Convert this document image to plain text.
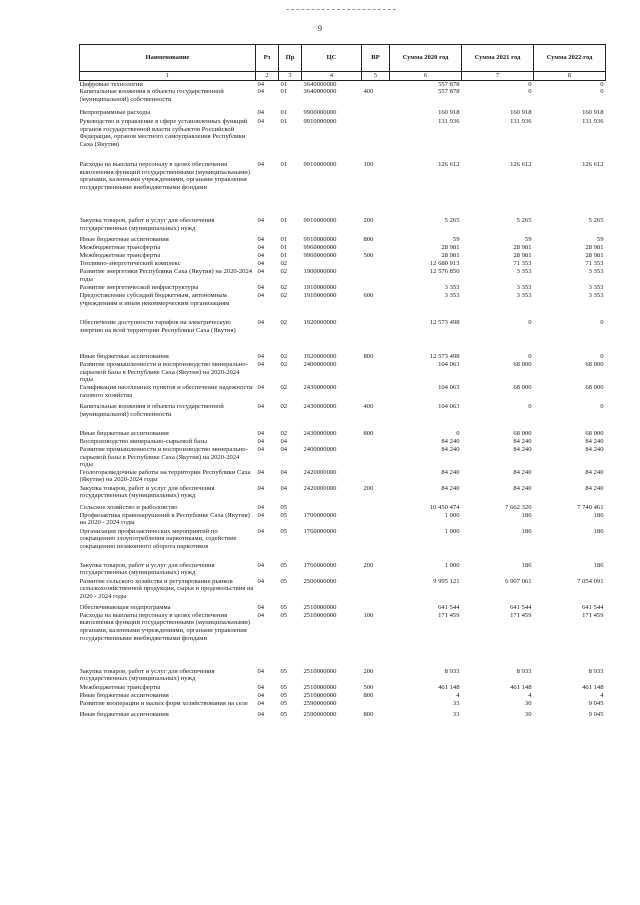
9
Наименование	Рз	Пр	ЦС	ВР	Сумма 2020 год	Сумма 2021 год	Сумма 2022 год
1	2	3	4	5	6	7	8
Цифровые технологии	04	01	3640000000		557 878	0	0
Капитальные вложения в объекты государственной (муниципальной) собственности	04	01	3640000000	400	557 878	0	0
Непрограммные расходы	04	01	9900000000		160 918	160 918	160 918
Руководство и управление в сфере установленных функций органов государственной власти субъектов Российской Федерации, органов местного самоуправления Республики Саха (Якутия)	04	01	9910000000		131 936	131 936	131 936
Расходы на выплаты персоналу в целях обеспечения выполнения функций государственными (муниципальными) органами, казенными учреждениями, органами управления государственными внебюджетными фондами	04	01	9910000000	100	126 612	126 612	126 612
Закупка товаров, работ и услуг для обеспечения государственных (муниципальных) нужд	04	01	9910000000	200	5 265	5 265	5 265
Иные бюджетные ассигнования	04	01	9910000000	800	59	59	59
Межбюджетные трансферты	04	01	9960000000		28 981	28 981	28 981
Межбюджетные трансферты	04	01	9960000000	500	28 981	28 981	28 981
Топливно-энергетический комплекс	04	02			12 680 913	71 353	71 353
Развитие энергетики Республики Саха (Якутия) на 2020-2024 годы	04	02	1900000000		12 576 850	3 353	3 353
Развитие энергетической инфраструктуры	04	02	1910000000		3 353	3 353	3 353
Предоставление субсидий бюджетным, автономным учреждениям и иным некоммерческим организациям	04	02	1910000000	600	3 353	3 353	3 353
Обеспечение доступности тарифов на электрическую энергию на всей территории Республики Саха (Якутия)	04	02	1920000000		12 573 498	0	0
Иные бюджетные ассигнования	04	02	1920000000	800	12 573 498	0	0
Развитие промышленности и воспроизводство минерально-сырьевой базы в Республике Саха (Якутия) на 2020-2024 годы	04	02	2400000000		104 063	68 000	68 000
Газификация населенных пунктов и обеспечение надежности газового хозяйства	04	02	2430000000		104 063	68 000	68 000
Капитальные вложения в объекты государственной (муниципальной) собственности	04	02	2430000000	400	104 063	0	0
Иные бюджетные ассигнования	04	02	2430000000	800	0	68 000	68 000
Воспроизводство минерально-сырьевой базы	04	04			84 240	84 240	84 240
Развитие промышленности и воспроизводство минерально-сырьевой базы в Республике Саха (Якутия) на 2020-2024 годы	04	04	2400000000		84 240	84 240	84 240
Геологоразведочные работы на территории Республики Саха (Якутия) на 2020-2024 годы	04	04	2420000000		84 240	84 240	84 240
Закупка товаров, работ и услуг для обеспечения государственных (муниципальных) нужд	04	04	2420000000	200	84 240	84 240	84 240
Сельское хозяйство и рыболовство	04	05			10 450 474	7 662 320	7 740 461
Профилактика правонарушений в Республике Саха (Якутия) на 2020 - 2024 годы	04	05	1700000000		1 000	186	186
Организация профилактических мероприятий по сокращению злоупотребления наркотиками, содействие сокращению незаконного оборота наркотиков	04	05	1760000000		1 000	186	186
Закупка товаров, работ и услуг для обеспечения государственных (муниципальных) нужд	04	05	1760000000	200	1 000	186	186
Развитие сельского хозяйства и регулирование рынков сельскохозяйственной продукции, сырья и продовольствия на 2020 - 2024 годы	04	05	2500000000		9 995 121	6 907 061	7 054 091
Обеспечивающая подпрограмма	04	05	2510000000		641 544	641 544	641 544
Расходы на выплаты персоналу в целях обеспечения выполнения функций государственными (муниципальными) органами, казенными учреждениями, органами управления государственными внебюджетными фондами	04	05	2510000000	100	171 459	171 459	171 459
Закупка товаров, работ и услуг для обеспечения государственных (муниципальных) нужд	04	05	2510000000	200	8 933	8 933	8 933
Межбюджетные трансферты	04	05	2510000000	500	461 148	461 148	461 148
Иные бюджетные ассигнования	04	05	2510000000	800	4	4	4
Развитие кооперации и малых форм хозяйствования на селе	04	05	2590000000		33	30	9 045
Иные бюджетные ассигнования	04	05	2590000000	800	33	30	9 045
